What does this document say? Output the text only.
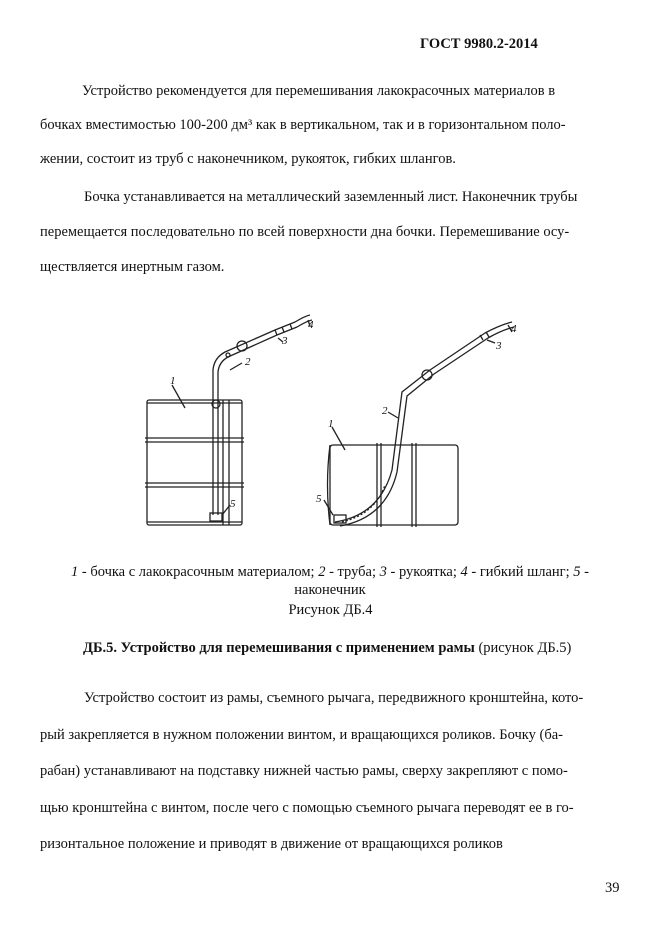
ГОСТ 9980.2-2014
Устройство рекомендуется для перемешивания лакокрасочных материалов в
бочках вместимостью 100-200 дм³ как в вертикальном, так и в горизонтальном поло-
жении, состоит из труб с наконечником, рукояток, гибких шлангов.
Бочка устанавливается на металлический заземленный лист. Наконечник трубы
перемещается последовательно по всей поверхности дна бочки. Перемешивание осу-
ществляется инертным газом.
1
2
3
4
5
1
2
3
4
5
1 - бочка с лакокрасочным материалом; 2 - труба; 3 - рукоятка; 4 - гибкий шланг; 5 -
наконечник
Рисунок ДБ.4
ДБ.5. Устройство для перемешивания с применением рамы (рисунок ДБ.5)
Устройство состоит из рамы, съемного рычага, передвижного кронштейна, кото-
рый закрепляется в нужном положении винтом, и вращающихся роликов. Бочку (ба-
рабан) устанавливают на подставку нижней частью рамы, сверху закрепляют с помо-
щью кронштейна с винтом, после чего с помощью съемного рычага переводят ее в го-
ризонтальное положение и приводят в движение от вращающихся роликов
39
